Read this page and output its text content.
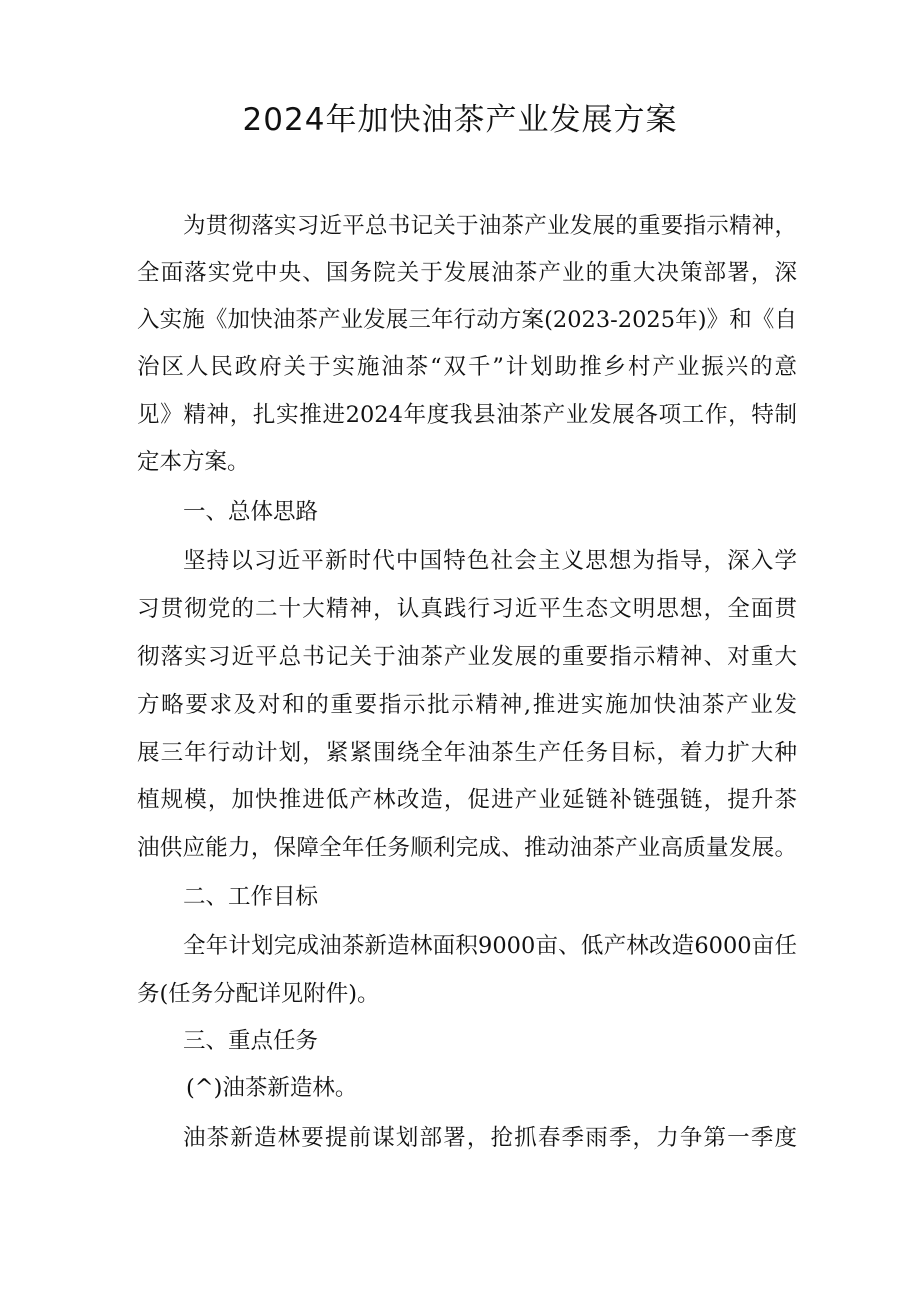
2024年加快油茶产业发展方案
为贯彻落实习近平总书记关于油茶产业发展的重要指示精神，
全面落实党中央、国务院关于发展油茶产业的重大决策部署，深
入实施《加快油茶产业发展三年行动方案(2023-2025年)》和《自
治区人民政府关于实施油茶“双千”计划助推乡村产业振兴的意
见》精神，扎实推进2024年度我县油茶产业发展各项工作，特制
定本方案。
一、总体思路
坚持以习近平新时代中国特色社会主义思想为指导，深入学
习贯彻党的二十大精神，认真践行习近平生态文明思想，全面贯
彻落实习近平总书记关于油茶产业发展的重要指示精神、对重大
方略要求及对和的重要指示批示精神,推进实施加快油茶产业发
展三年行动计划，紧紧围绕全年油茶生产任务目标，着力扩大种
植规模，加快推进低产林改造，促进产业延链补链强链，提升茶
油供应能力，保障全年任务顺利完成、推动油茶产业高质量发展。
二、工作目标
全年计划完成油茶新造林面积9000亩、低产林改造6000亩任
务(任务分配详见附件)。
三、重点任务
(^)油茶新造林。
油茶新造林要提前谋划部署，抢抓春季雨季，力争第一季度
